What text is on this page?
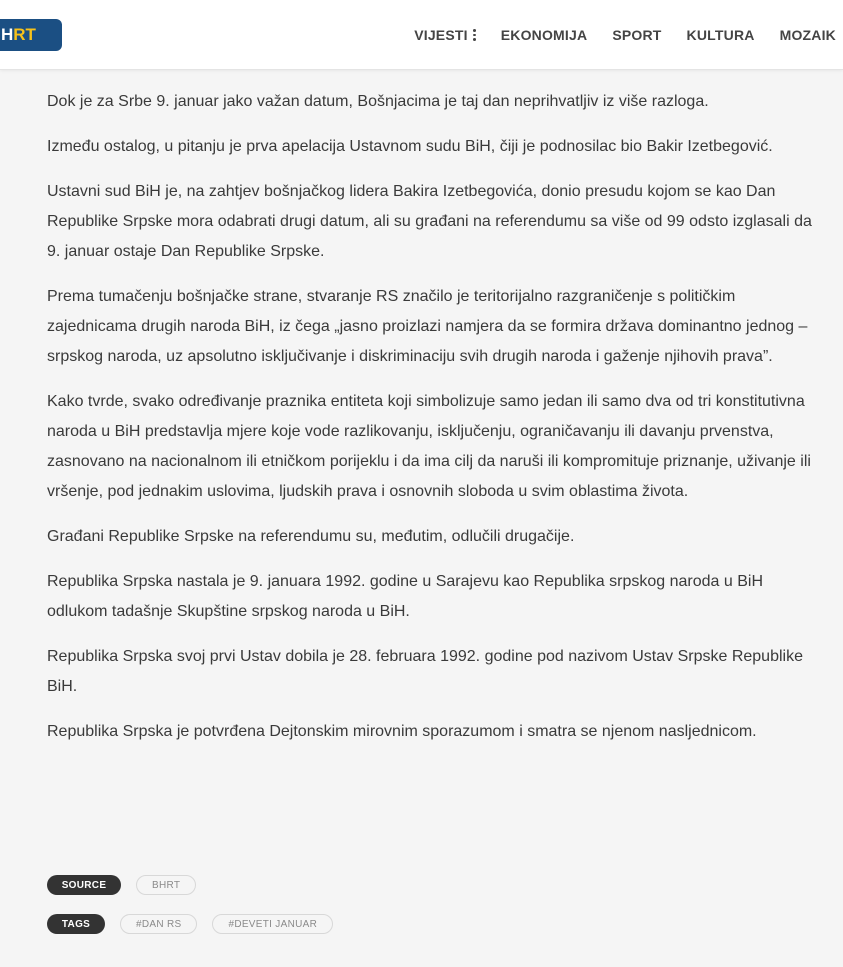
HRT	VIJESTI EKONOMIJA SPORT KULTURA MOZAIK

Dok je za Srbe 9. januar jako važan datum, Bošnjacima je taj dan neprihvatljiv iz više razloga.

Između ostalog, u pitanju je prva apelacija Ustavnom sudu BiH, čiji je podnosilac bio Bakir Izetbegović.

Ustavni sud BiH je, na zahtjev bošnjačkog lidera Bakira Izetbegovića, donio presudu kojom se kao Dan Republike Srpske mora odabrati drugi datum, ali su građani na referendumu sa više od 99 odsto izglasali da 9. januar ostaje Dan Republike Srpske.

Prema tumačenju bošnjačke strane, stvaranje RS značilo je teritorijalno razgraničenje s političkim zajednicama drugih naroda BiH, iz čega „jasno proizlazi namjera da se formira država dominantno jednog – srpskog naroda, uz apsolutno isključivanje i diskriminaciju svih drugih naroda i gaženje njihovih prava”.

Kako tvrde, svako određivanje praznika entiteta koji simbolizuje samo jedan ili samo dva od tri konstitutivna naroda u BiH predstavlja mjere koje vode razlikovanju, isključenju, ograničavanju ili davanju prvenstva, zasnovano na nacionalnom ili etničkom porijeklu i da ima cilj da naruši ili kompromituje priznanje, uživanje ili vršenje, pod jednakim uslovima, ljudskih prava i osnovnih sloboda u svim oblastima života.

Građani Republike Srpske na referendumu su, međutim, odlučili drugačije.

Republika Srpska nastala je 9. januara 1992. godine u Sarajevu kao Republika srpskog naroda u BiH odlukom tadašnje Skupštine srpskog naroda u BiH.

Republika Srpska svoj prvi Ustav dobila je 28. februara 1992. godine pod nazivom Ustav Srpske Republike BiH.

Republika Srpska je potvrđena Dejtonskim mirovnim sporazumom i smatra se njenom nasljednicom.

SOURCE	BHRT
TAGS	#DAN RS	#DEVETI JANUAR
